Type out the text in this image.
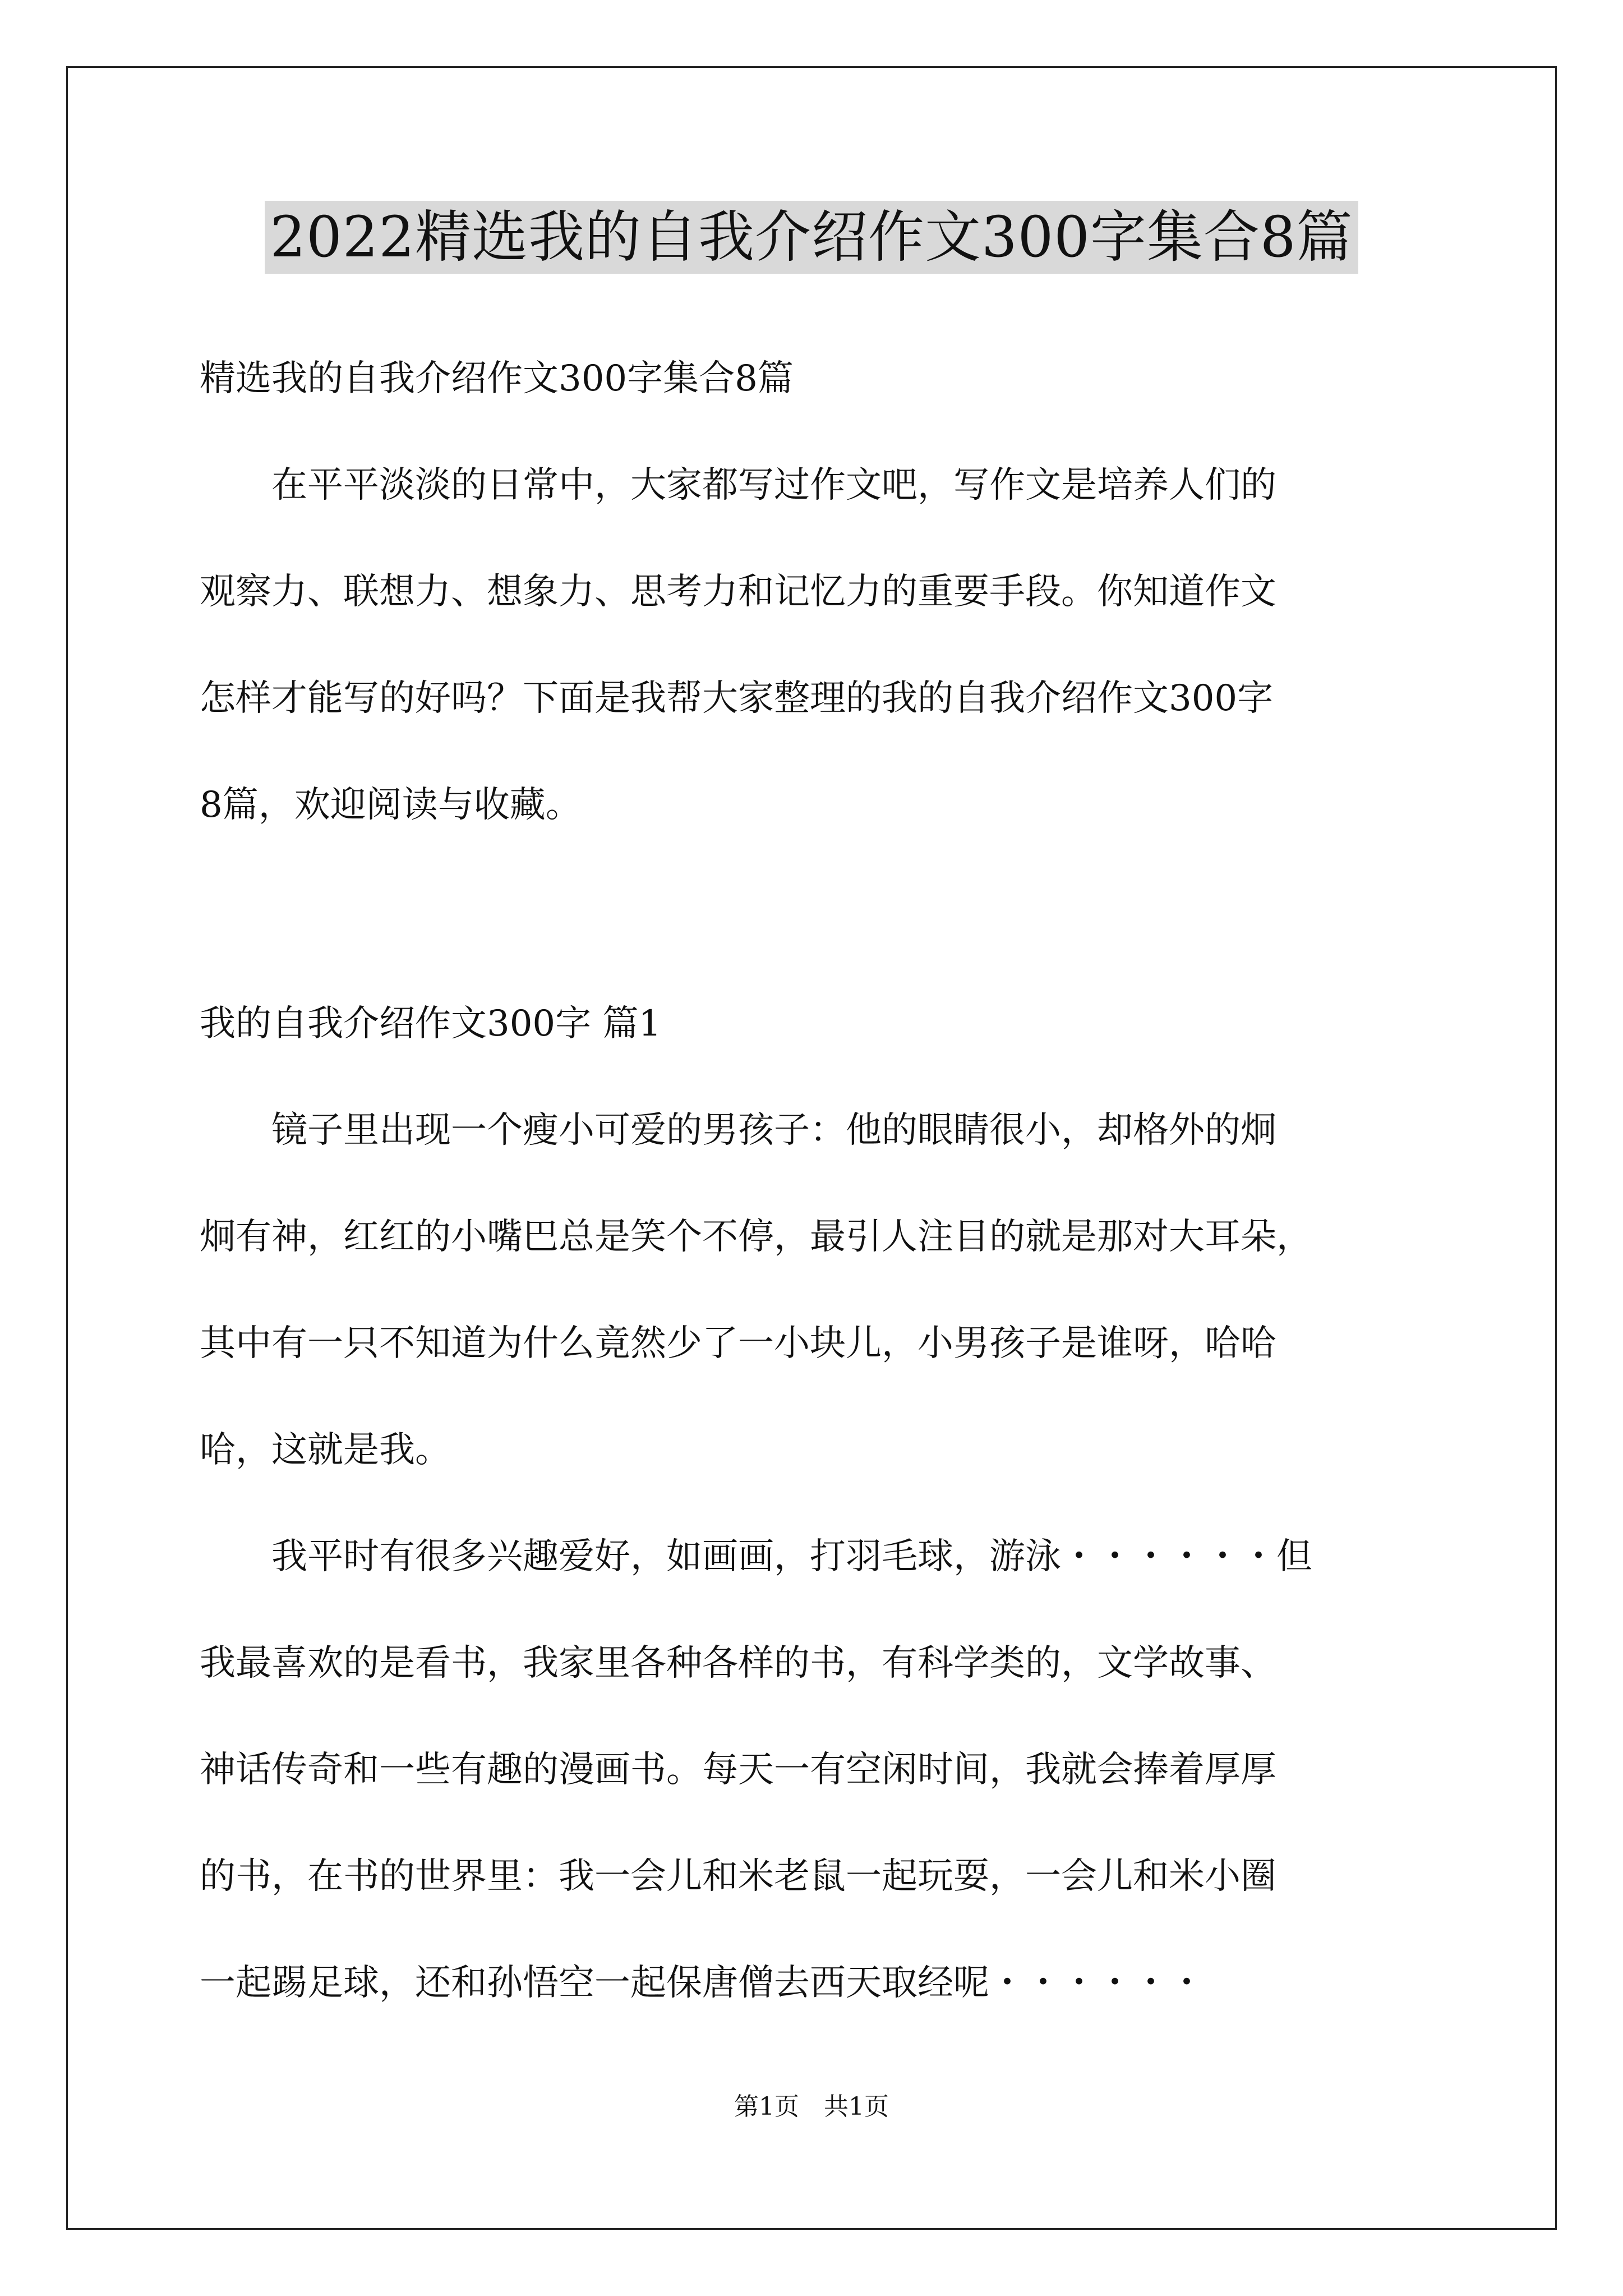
2022精选我的自我介绍作文300字集合8篇
精选我的自我介绍作文300字集合8篇
　　在平平淡淡的日常中，大家都写过作文吧，写作文是培养人们的
观察力、联想力、想象力、思考力和记忆力的重要手段。你知道作文
怎样才能写的好吗？下面是我帮大家整理的我的自我介绍作文300字
8篇，欢迎阅读与收藏。
我的自我介绍作文300字 篇1
　　镜子里出现一个瘦小可爱的男孩子：他的眼睛很小，却格外的炯
炯有神，红红的小嘴巴总是笑个不停，最引人注目的就是那对大耳朵，
其中有一只不知道为什么竟然少了一小块儿，小男孩子是谁呀，哈哈
哈，这就是我。
　　我平时有很多兴趣爱好，如画画，打羽毛球，游泳・・・・・・但
我最喜欢的是看书，我家里各种各样的书，有科学类的，文学故事、
神话传奇和一些有趣的漫画书。每天一有空闲时间，我就会捧着厚厚
的书，在书的世界里：我一会儿和米老鼠一起玩耍，一会儿和米小圈
一起踢足球，还和孙悟空一起保唐僧去西天取经呢・・・・・・
第1页　共1页
